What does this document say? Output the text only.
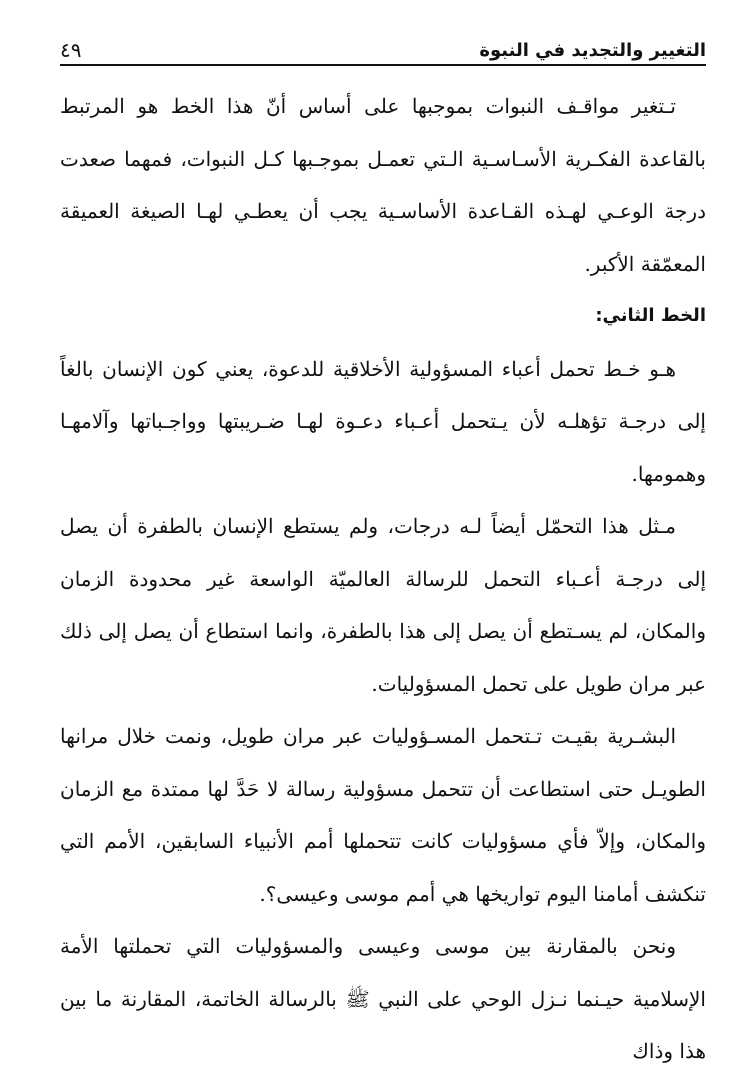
التغيير والتجديد في النبوة
٤٩

تـتغير مواقـف النبوات بموجبها على أساس أنّ هذا الخط هو المرتبط بالقاعدة الفكـرية الأسـاسـية الـتي تعمـل بموجـبها كـل النبوات، فمهما صعدت درجة الوعـي لهـذه القـاعدة الأساسـية يجب أن يعطـي لهـا الصيغة العميقة المعمّقة الأكبر.

الخط الثاني:

هـو خـط تحمل أعباء المسؤولية الأخلاقية للدعوة، يعني كون الإنسان بالغاً إلى درجـة تؤهلـه لأن يـتحمل أعـباء دعـوة لهـا ضـريبتها وواجـباتها وآلامهـا وهمومها.

مـثل هذا التحمّل أيضاً لـه درجات، ولم يستطع الإنسان بالطفرة أن يصل إلى درجـة أعـباء التحمل للرسالة العالميّة الواسعة غير محدودة الزمان والمكان، لم يسـتطع أن يصل إلى هذا بالطفرة، وانما استطاع أن يصل إلى ذلك عبر مران طويل على تحمل المسؤوليات.

البشـرية بقيـت تـتحمل المسـؤوليات عبر مران طويل، ونمت خلال مرانها الطويـل حتى استطاعت أن تتحمل مسؤولية رسالة لا حَدَّ لها ممتدة مع الزمان والمكان، وإلاّ فأي مسؤوليات كانت تتحملها أمم الأنبياء السابقين، الأمم التي تنكشف أمامنا اليوم تواريخها هي أمم موسى وعيسى؟.

ونحن بالمقارنة بين موسى وعيسى والمسؤوليات التي تحملتها الأمة الإسلامية حيـنما نـزل الوحي على النبي ﷺ بالرسالة الخاتمة، المقارنة ما بين هذا وذاك
